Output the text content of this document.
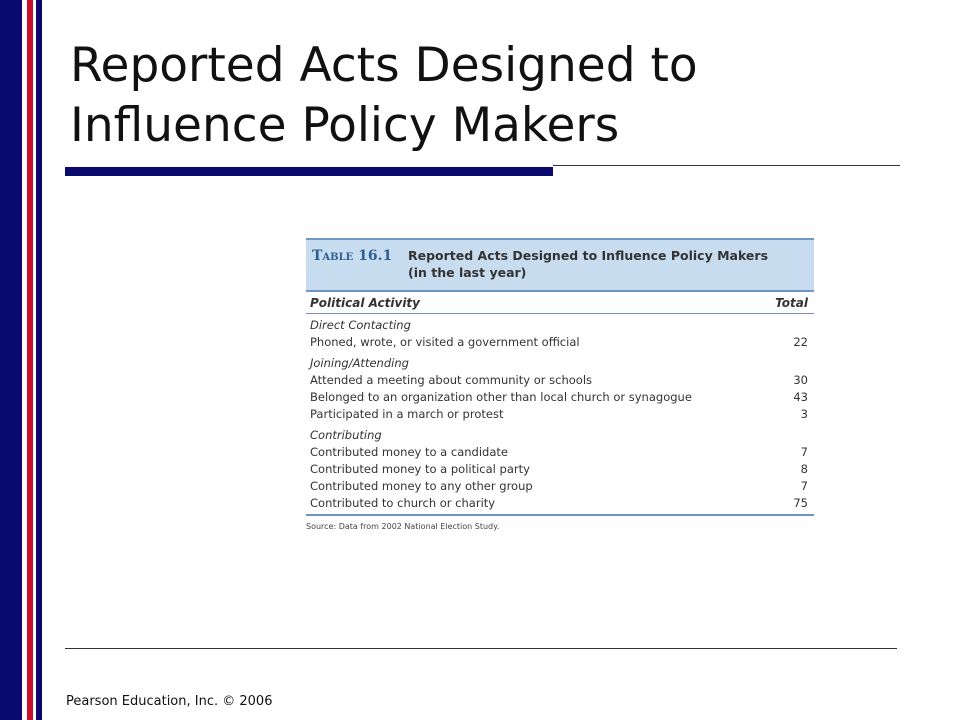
Reported Acts Designed to Influence Policy Makers
Table 16.1 Reported Acts Designed to Influence Policy Makers
(in the last year)
Political Activity	Total
Direct Contacting
Phoned, wrote, or visited a government official	22
Joining/Attending
Attended a meeting about community or schools	30
Belonged to an organization other than local church or synagogue	43
Participated in a march or protest	3
Contributing
Contributed money to a candidate	7
Contributed money to a political party	8
Contributed money to any other group	7
Contributed to church or charity	75
Source: Data from 2002 National Election Study.
Pearson Education, Inc. © 2006
